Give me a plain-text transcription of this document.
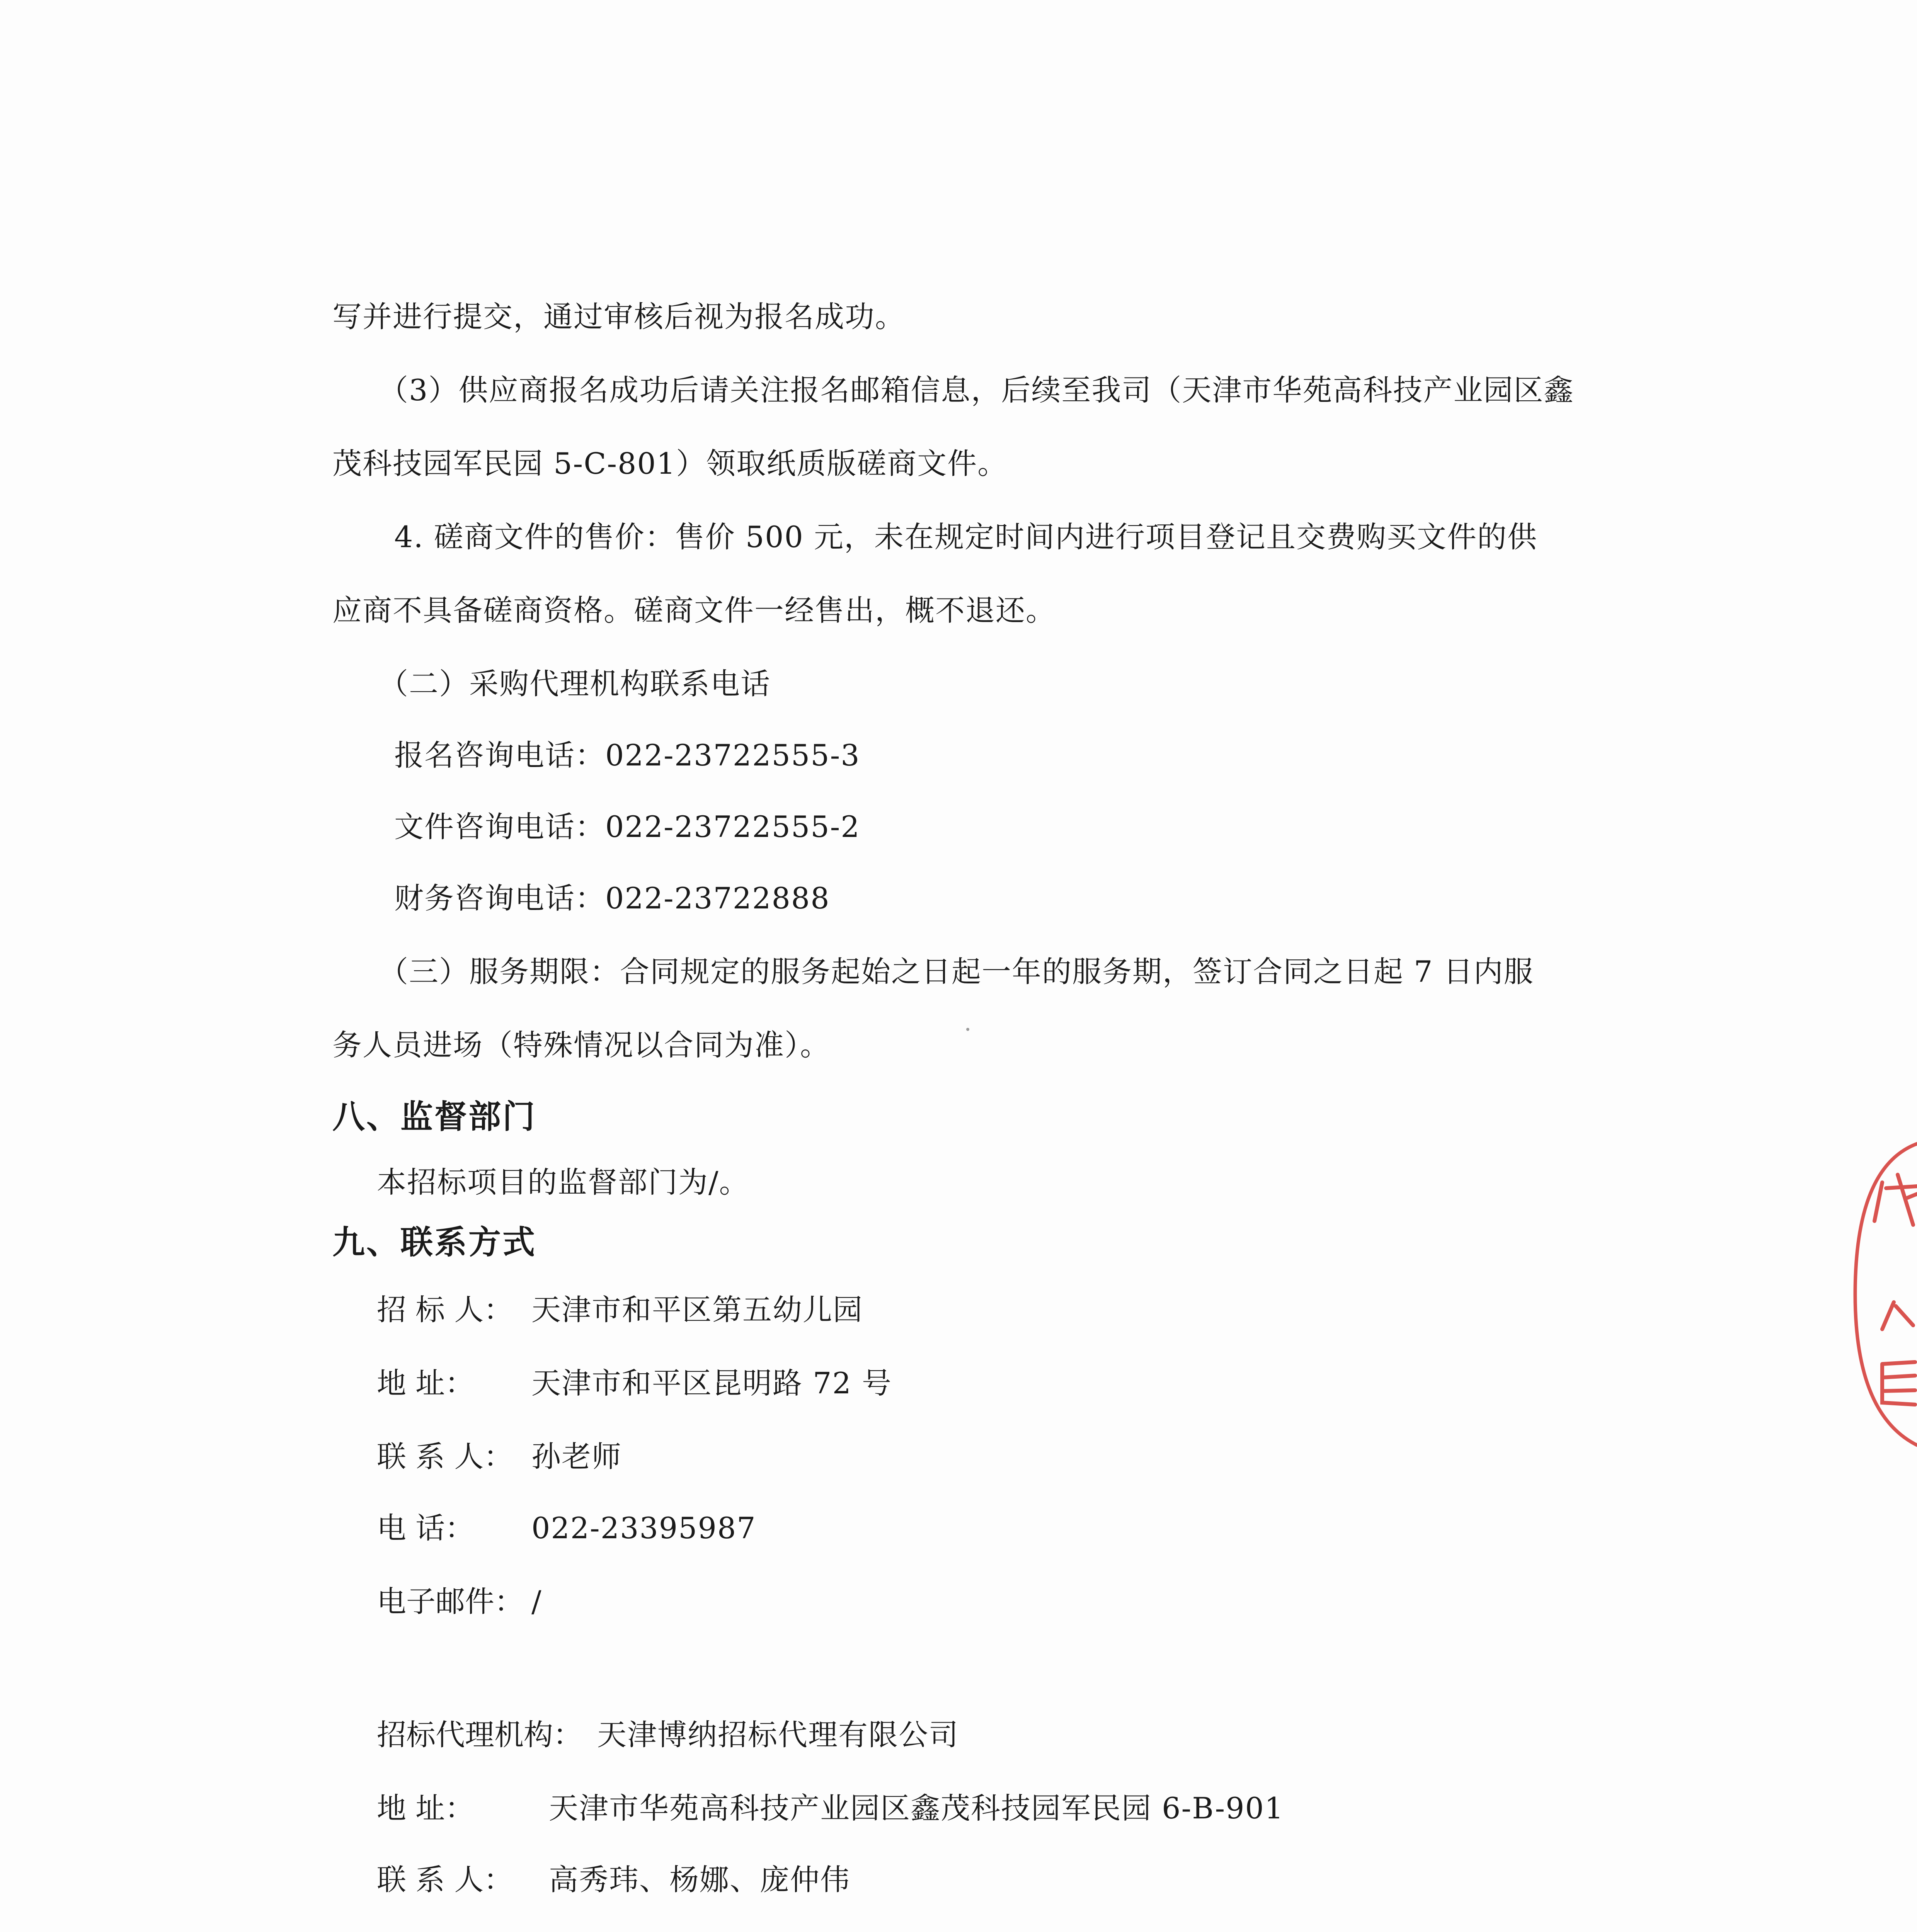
写并进行提交，通过审核后视为报名成功。
（3）供应商报名成功后请关注报名邮箱信息，后续至我司（天津市华苑高科技产业园区鑫
茂科技园军民园 5-C-801）领取纸质版磋商文件。
4. 磋商文件的售价：售价 500 元，未在规定时间内进行项目登记且交费购买文件的供
应商不具备磋商资格。磋商文件一经售出，概不退还。
（二）采购代理机构联系电话
报名咨询电话：022-23722555-3
文件咨询电话：022-23722555-2
财务咨询电话：022-23722888
（三）服务期限：合同规定的服务起始之日起一年的服务期，签订合同之日起 7 日内服
务人员进场（特殊情况以合同为准）。
八、监督部门
本招标项目的监督部门为/。
九、联系方式
招 标 人： 天津市和平区第五幼儿园
地 址： 天津市和平区昆明路 72 号
联 系 人： 孙老师
电 话： 022-23395987
电子邮件： /
招标代理机构： 天津博纳招标代理有限公司
地 址：	天津市华苑高科技产业园区鑫茂科技园军民园 6-B-901
联 系 人： 高秀玮、杨娜、庞仲伟
